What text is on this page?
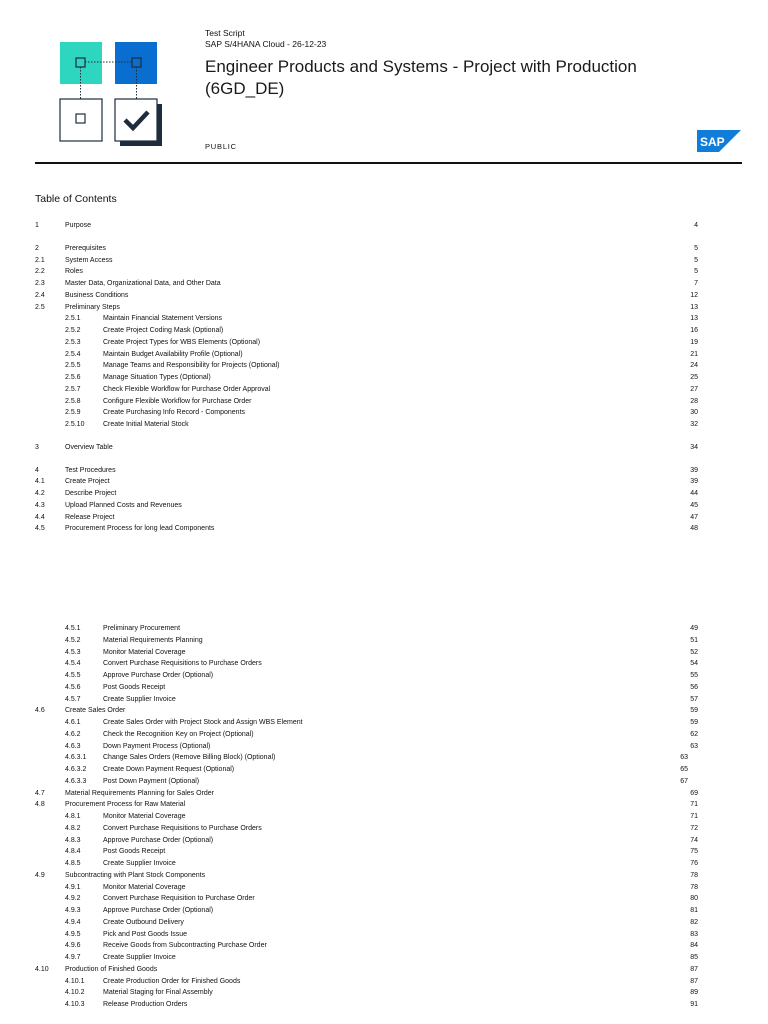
Test Script
SAP S/4HANA Cloud - 26-12-23
Engineer Products and Systems - Project with Production
(6GD_DE)
PUBLIC	SAP
Table of Contents
1	Purpose	4
2	Prerequisites	5
2.1	System Access	5
2.2	Roles	5
2.3	Master Data, Organizational Data, and Other Data	7
2.4	Business Conditions	12
2.5	Preliminary Steps	13
2.5.1	Maintain Financial Statement Versions	13
2.5.2	Create Project Coding Mask (Optional)	16
2.5.3	Create Project Types for WBS Elements (Optional)	19
2.5.4	Maintain Budget Availability Profile (Optional)	21
2.5.5	Manage Teams and Responsibility for Projects (Optional)	24
2.5.6	Manage Situation Types (Optional)	25
2.5.7	Check Flexible Workflow for Purchase Order Approval	27
2.5.8	Configure Flexible Workflow for Purchase Order	28
2.5.9	Create Purchasing Info Record - Components	30
2.5.10	Create Initial Material Stock	32
3	Overview Table	34
4	Test Procedures	39
4.1	Create Project	39
4.2	Describe Project	44
4.3	Upload Planned Costs and Revenues	45
4.4	Release Project	47
4.5	Procurement Process for long lead Components	48
4.5.1	Preliminary Procurement	49
4.5.2	Material Requirements Planning	51
4.5.3	Monitor Material Coverage	52
4.5.4	Convert Purchase Requisitions to Purchase Orders	54
4.5.5	Approve Purchase Order (Optional)	55
4.5.6	Post Goods Receipt	56
4.5.7	Create Supplier Invoice	57
4.6	Create Sales Order	59
4.6.1	Create Sales Order with Project Stock and Assign WBS Element	59
4.6.2	Check the Recognition Key on Project (Optional)	62
4.6.3	Down Payment Process (Optional)	63
4.6.3.1 Change Sales Orders (Remove Billing Block) (Optional)	63
4.6.3.2 Create Down Payment Request (Optional)	65
4.6.3.3 Post Down Payment (Optional)	67
4.7	Material Requirements Planning for Sales Order	69
4.8	Procurement Process for Raw Material	71
4.8.1	Monitor Material Coverage	71
4.8.2	Convert Purchase Requisitions to Purchase Orders	72
4.8.3	Approve Purchase Order (Optional)	74
4.8.4	Post Goods Receipt	75
4.8.5	Create Supplier Invoice	76
4.9	Subcontracting with Plant Stock Components	78
4.9.1	Monitor Material Coverage	78
4.9.2	Convert Purchase Requisition to Purchase Order	80
4.9.3	Approve Purchase Order (Optional)	81
4.9.4	Create Outbound Delivery	82
4.9.5	Pick and Post Goods Issue	83
4.9.6	Receive Goods from Subcontracting Purchase Order	84
4.9.7	Create Supplier Invoice	85
4.10 Production of Finished Goods	87
4.10.1	Create Production Order for Finished Goods	87
4.10.2	Material Staging for Final Assembly	89
4.10.3	Release Production Orders	91
